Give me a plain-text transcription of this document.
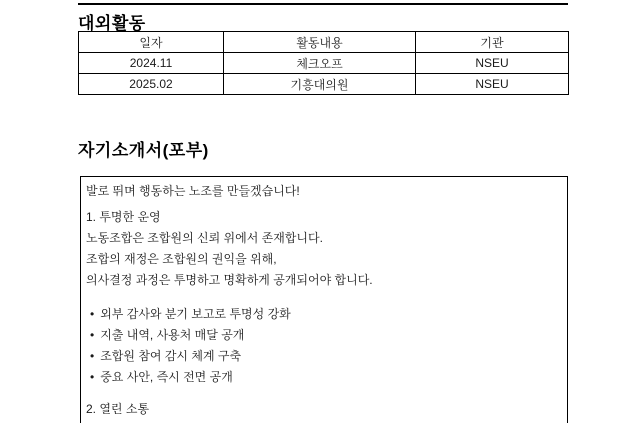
대외활동
일자	활동내용	기관
2024.11	체크오프	NSEU
2025.02	기흥대의원	NSEU
자기소개서(포부)

발로 뛰며 행동하는 노조를 만들겠습니다!

1. 투명한 운영

노동조합은 조합원의 신뢰 위에서 존재합니다.

조합의 재정은 조합원의 권익을 위해,

의사결정 과정은 투명하고 명확하게 공개되어야 합니다.

• 외부 감사와 분기 보고로 투명성 강화

• 지출 내역, 사용처 매달 공개

• 조합원 참여 감시 체계 구축

• 중요 사안, 즉시 전면 공개

2. 열린 소통
